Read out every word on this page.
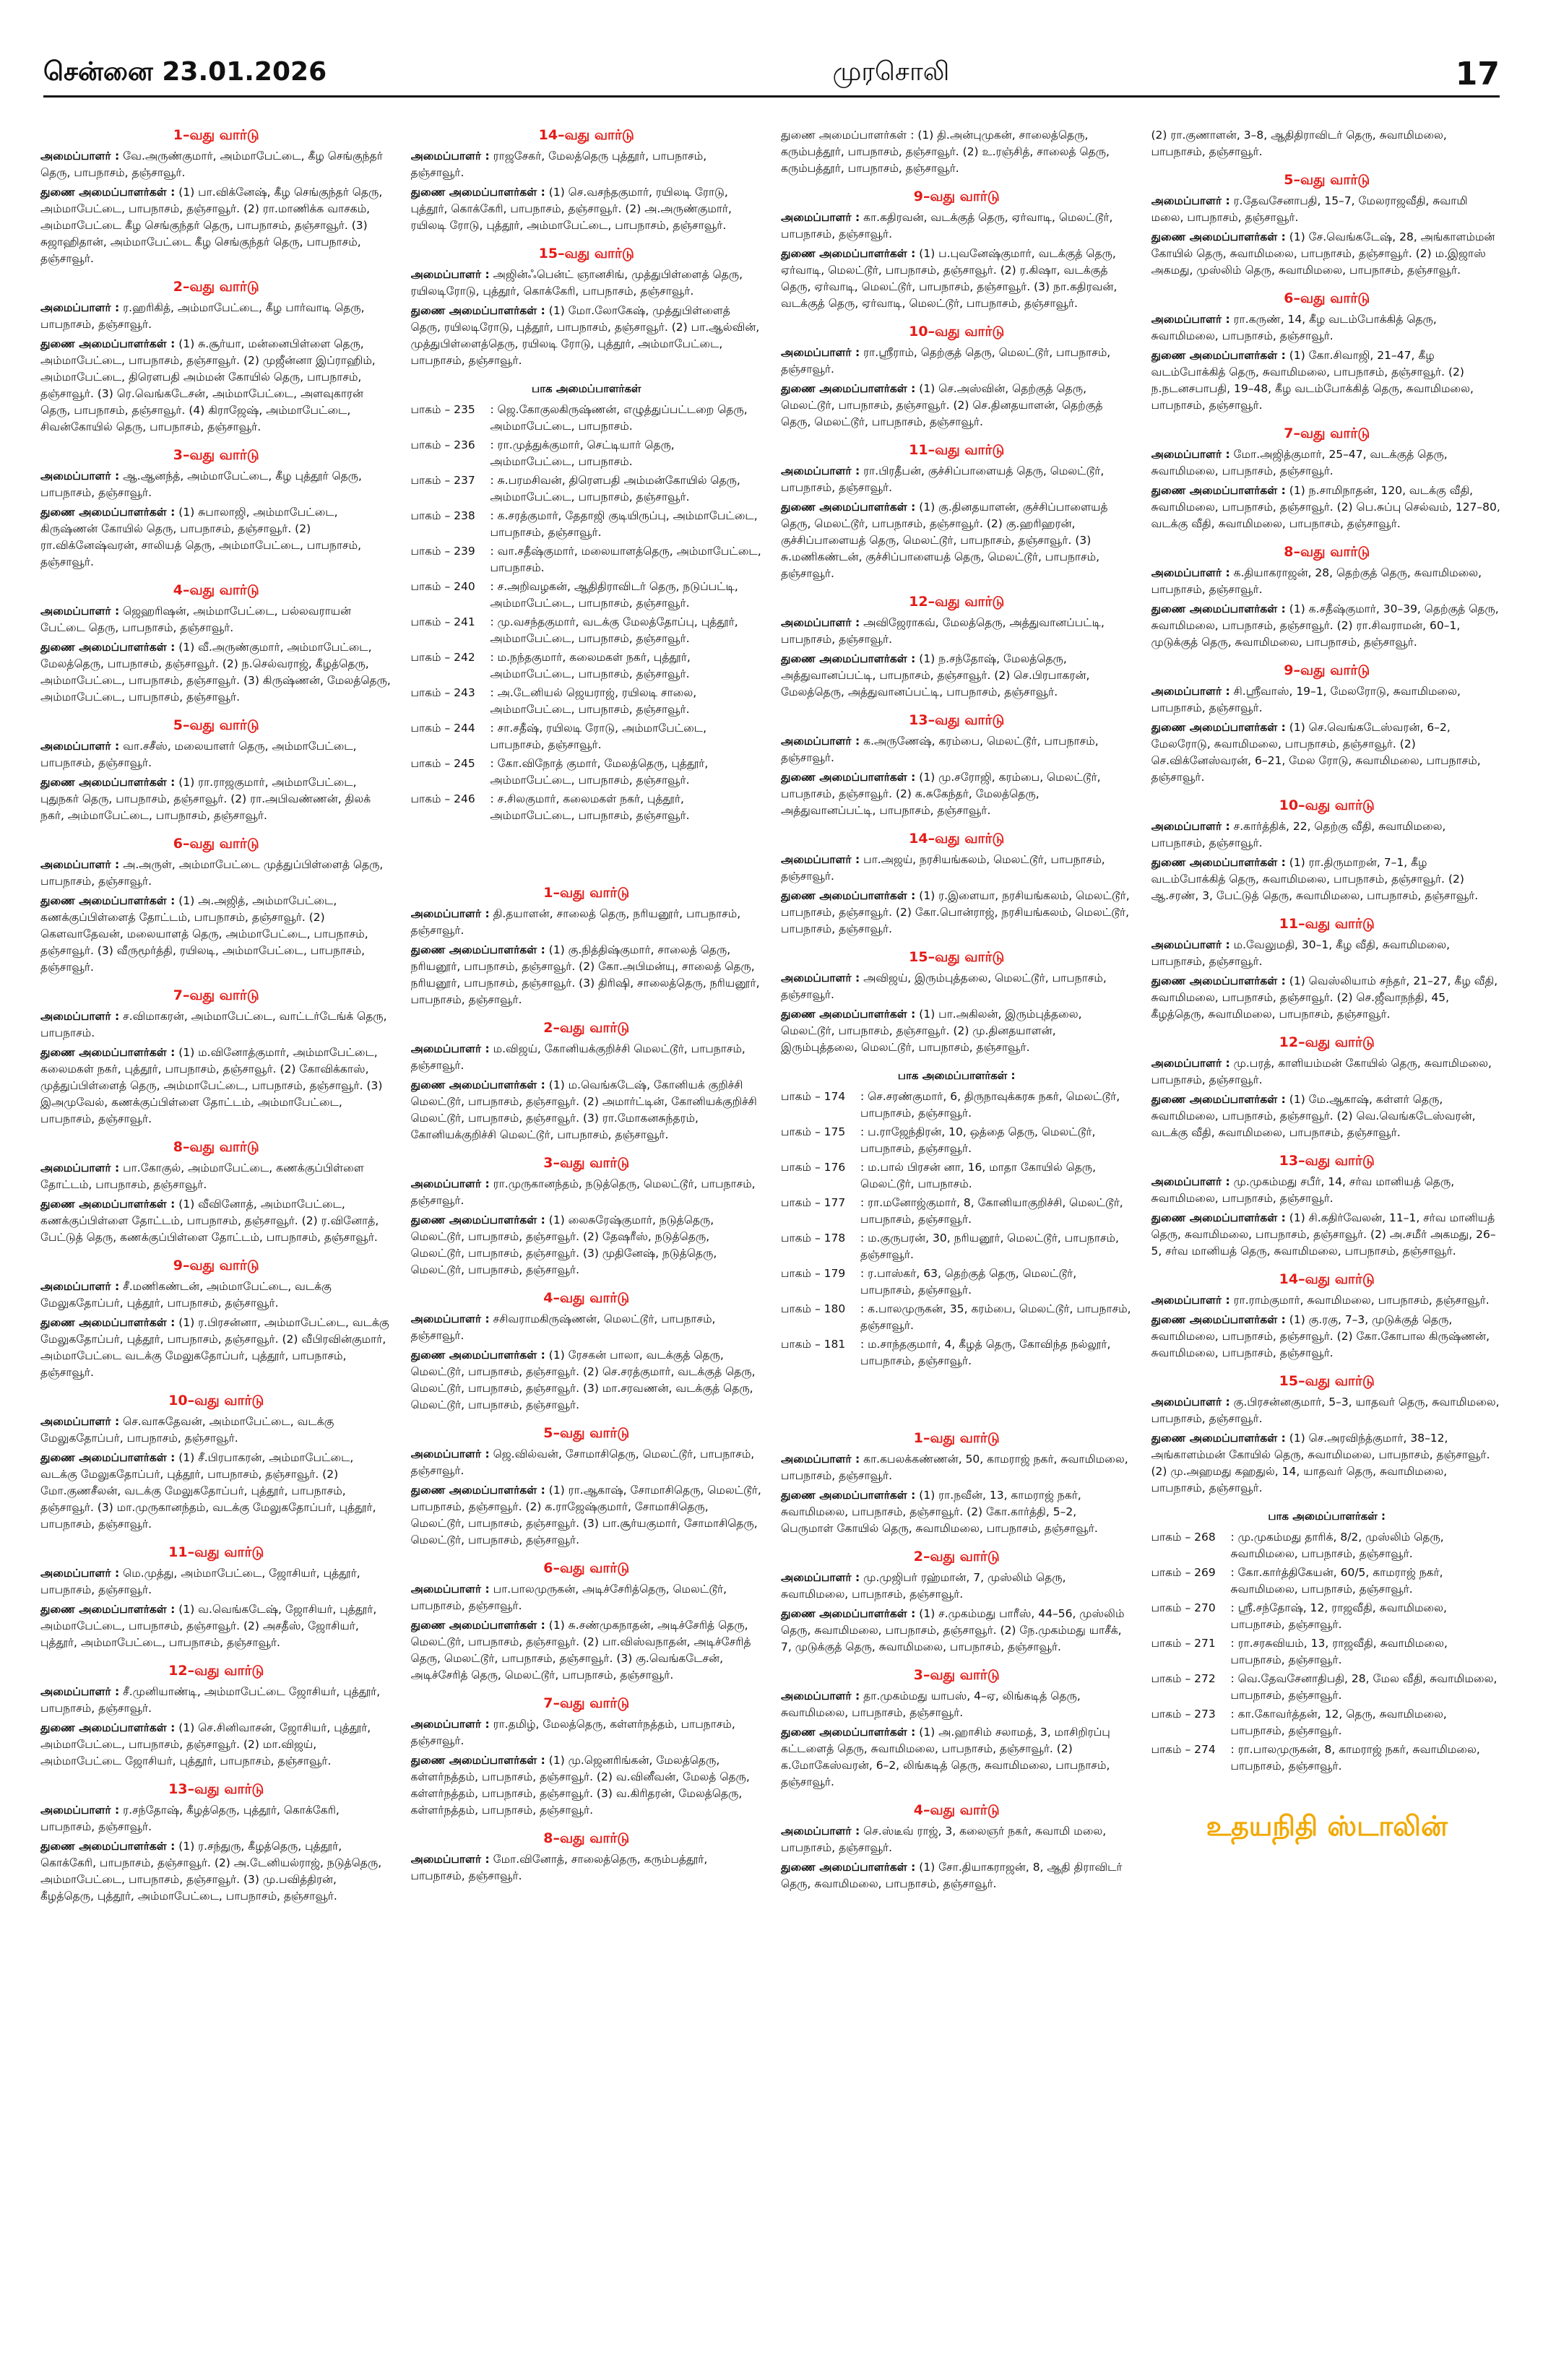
சென்னை 23.01.2026	முரசொலி	17
1–வது வார்டு

அமைப்பாளர் : வே.அருண்குமார், அம்மாபேட்டை, கீழ செங்குந்தர் தெரு, பாபநாசம், தஞ்சாவூர்.

துணை அமைப்பாளர்கள் : (1) பா.விக்னேஷ், கீழ செங்குந்தர் தெரு, அம்மாபேட்டை, பாபநாசம், தஞ்சாவூர். (2) ரா.மாணிக்க வாசகம், அம்மாபேட்டை கீழ செங்குந்தர் தெரு, பாபநாசம், தஞ்சாவூர். (3) சுஜாஹிதான், அம்மாபேட்டை கீழ செங்குந்தர் தெரு, பாபநாசம், தஞ்சாவூர்.

2–வது வார்டு

அமைப்பாளர் : ர.ஹரிகித், அம்மாபேட்டை, கீழ பார்வாடி தெரு, பாபநாசம், தஞ்சாவூர்.

துணை அமைப்பாளர்கள் : (1) சு.சூர்யா, மன்னைபிள்ளை தெரு, அம்மாபேட்டை, பாபநாசம், தஞ்சாவூர். (2) முஜீன்னா இப்ராஹிம், அம்மாபேட்டை, திரௌபதி அம்மன் கோயில் தெரு, பாபநாசம், தஞ்சாவூர். (3) ரெ.வெங்கடேசன், அம்மாபேட்டை, அளவுகாரன் தெரு, பாபநாசம், தஞ்சாவூர். (4) கிராஜேஷ், அம்மாபேட்டை, சிவன்கோயில் தெரு, பாபநாசம், தஞ்சாவூர்.

3–வது வார்டு

அமைப்பாளர் : ஆ.ஆனந்த், அம்மாபேட்டை, கீழ புத்தூர் தெரு, பாபநாசம், தஞ்சாவூர்.

துணை அமைப்பாளர்கள் : (1) சுபாலாஜி, அம்மாபேட்டை, கிருஷ்ணன் கோயில் தெரு, பாபநாசம், தஞ்சாவூர். (2) ரா.விக்னேஷ்வரன், சாலியத் தெரு, அம்மாபேட்டை, பாபநாசம், தஞ்சாவூர்.

4–வது வார்டு

அமைப்பாளர் : ஜெஹரிஷன், அம்மாபேட்டை, பல்லவராயன் பேட்டை தெரு, பாபநாசம், தஞ்சாவூர்.

துணை அமைப்பாளர்கள் : (1) வீ.அருண்குமார், அம்மாபேட்டை, மேலத்தெரு, பாபநாசம், தஞ்சாவூர். (2) ந.செல்வராஜ், கீழத்தெரு, அம்மாபேட்டை, பாபநாசம், தஞ்சாவூர். (3) கிருஷ்ணன், மேலத்தெரு, அம்மாபேட்டை, பாபநாசம், தஞ்சாவூர்.

5–வது வார்டு

அமைப்பாளர் : வா.சசீஸ், மலையாளர் தெரு, அம்மாபேட்டை, பாபநாசம், தஞ்சாவூர்.

துணை அமைப்பாளர்கள் : (1) ரா.ராஜகுமார், அம்மாபேட்டை, புதுநகர் தெரு, பாபநாசம், தஞ்சாவூர். (2) ரா.அபிவண்ணன், திலக் நகர், அம்மாபேட்டை, பாபநாசம், தஞ்சாவூர்.

6–வது வார்டு

அமைப்பாளர் : அ.அருள், அம்மாபேட்டை முத்துப்பிள்ளைத் தெரு, பாபநாசம், தஞ்சாவூர்.

துணை அமைப்பாளர்கள் : (1) அ.அஜித், அம்மாபேட்டை, கணக்குப்பிள்ளைத் தோட்டம், பாபநாசம், தஞ்சாவூர். (2) கௌவாதேவன், மலையாளத் தெரு, அம்மாபேட்டை, பாபநாசம், தஞ்சாவூர். (3) வீருமூர்த்தி, ரயிலடி, அம்மாபேட்டை, பாபநாசம், தஞ்சாவூர்.

7–வது வார்டு

அமைப்பாளர் : ச.விமாகரன், அம்மாபேட்டை, வாட்டர்டேங்க் தெரு, பாபநாசம்.

துணை அமைப்பாளர்கள் : (1) ம.வினோத்குமார், அம்மாபேட்டை, கலைமகள் நகர், புத்தூர், பாபநாசம், தஞ்சாவூர். (2) கோவிக்காஸ், முத்துப்பிள்ளைத் தெரு, அம்மாபேட்டை, பாபநாசம், தஞ்சாவூர். (3) இஅமுவேல், கணக்குப்பிள்ளை தோட்டம், அம்மாபேட்டை, பாபநாசம், தஞ்சாவூர்.

8–வது வார்டு

அமைப்பாளர் : பா.கோகுல், அம்மாபேட்டை, கணக்குப்பிள்ளை தோட்டம், பாபநாசம், தஞ்சாவூர்.

துணை அமைப்பாளர்கள் : (1) வீவினோத், அம்மாபேட்டை, கணக்குப்பிள்ளை தோட்டம், பாபநாசம், தஞ்சாவூர். (2) ர.வினோத், பேட்டுத் தெரு, கணக்குப்பிள்ளை தோட்டம், பாபநாசம், தஞ்சாவூர்.

9–வது வார்டு

அமைப்பாளர் : சீ.மணிகண்டன், அம்மாபேட்டை, வடக்கு மேலுகதோப்பர், புத்தூர், பாபநாசம், தஞ்சாவூர்.

துணை அமைப்பாளர்கள் : (1) ர.பிரசன்னா, அம்மாபேட்டை, வடக்கு மேலுகதோப்பர், புத்தூர், பாபநாசம், தஞ்சாவூர். (2) வீபிரவின்குமார், அம்மாபேட்டை வடக்கு மேலுகதோப்பர், புத்தூர், பாபநாசம், தஞ்சாவூர்.

10–வது வார்டு

அமைப்பாளர் : செ.வாசுதேவன், அம்மாபேட்டை, வடக்கு மேலுகதோப்பர், பாபநாசம், தஞ்சாவூர்.

துணை அமைப்பாளர்கள் : (1) சீ.பிரபாகரன், அம்மாபேட்டை, வடக்கு மேலுகதோப்பர், புத்தூர், பாபநாசம், தஞ்சாவூர். (2) மோ.குணசீலன், வடக்கு மேலுகதோப்பர், புத்தூர், பாபநாசம், தஞ்சாவூர். (3) மா.முருகானந்தம், வடக்கு மேலுகதோப்பர், புத்தூர், பாபநாசம், தஞ்சாவூர்.

11–வது வார்டு

அமைப்பாளர் : மெ.முத்து, அம்மாபேட்டை, ஜோசியர், புத்தூர், பாபநாசம், தஞ்சாவூர்.

துணை அமைப்பாளர்கள் : (1) வ.வெங்கடேஷ், ஜோசியர், புத்தூர், அம்மாபேட்டை, பாபநாசம், தஞ்சாவூர். (2) அசதீஸ், ஜோசியர், புத்தூர், அம்மாபேட்டை, பாபநாசம், தஞ்சாவூர்.

12–வது வார்டு

அமைப்பாளர் : சீ.முனியாண்டி, அம்மாபேட்டை ஜோசியர், புத்தூர், பாபநாசம், தஞ்சாவூர்.

துணை அமைப்பாளர்கள் : (1) செ.சினிவாசன், ஜோசியர், புத்தூர், அம்மாபேட்டை, பாபநாசம், தஞ்சாவூர். (2) மா.விஜய், அம்மாபேட்டை ஜோசியர், புத்தூர், பாபநாசம், தஞ்சாவூர்.

13–வது வார்டு

அமைப்பாளர் : ர.சந்தோஷ், கீழத்தெரு, புத்தூர், கொக்கேரி, பாபநாசம், தஞ்சாவூர்.

துணை அமைப்பாளர்கள் : (1) ர.சந்துரு, கீழத்தெரு, புத்தூர், கொக்கேரி, பாபநாசம், தஞ்சாவூர். (2) அ.டேனியல்ராஜ், நடுத்தெரு, அம்மாபேட்டை, பாபநாசம், தஞ்சாவூர். (3) மு.பவித்திரன், கீழத்தெரு, புத்தூர், அம்மாபேட்டை, பாபநாசம், தஞ்சாவூர்.

14–வது வார்டு

அமைப்பாளர் : ராஜசேகர், மேலத்தெரு புத்தூர், பாபநாசம், தஞ்சாவூர்.

துணை அமைப்பாளர்கள் : (1) செ.வசந்தகுமார், ரயிலடி ரோடு, புத்தூர், கொக்கேரி, பாபநாசம், தஞ்சாவூர். (2) அ.அருண்குமார், ரயிலடி ரோடு, புத்தூர், அம்மாபேட்டை, பாபநாசம், தஞ்சாவூர்.

15–வது வார்டு

அமைப்பாளர் : அஜின்ஃபென்ட் ஞானசிங், முத்துபிள்ளைத் தெரு, ரயிலடிரோடு, புத்தூர், கொக்கேரி, பாபநாசம், தஞ்சாவூர்.

துணை அமைப்பாளர்கள் : (1) மோ.லோகேஷ், முத்துபிள்ளைத் தெரு, ரயிலடிரோடு, புத்தூர், பாபநாசம், தஞ்சாவூர். (2) பா.ஆல்வின், முத்துபிள்ளைத்தெரு, ரயிலடி ரோடு, புத்தூர், அம்மாபேட்டை, பாபநாசம், தஞ்சாவூர்.

பாக அமைப்பாளர்கள்
பாகம் – 235	: ஜெ.கோகுலகிருஷ்ணன், எழுத்துப்பட்டறை தெரு, அம்மாபேட்டை, பாபநாசம்.
பாகம் – 236	: ரா.முத்துக்குமார், செட்டியார் தெரு, அம்மாபேட்டை, பாபநாசம்.
பாகம் – 237	: சு.பரமசிவன், திரௌபதி அம்மன்கோயில் தெரு, அம்மாபேட்டை, பாபநாசம், தஞ்சாவூர்.
பாகம் – 238	: க.சரத்குமார், தேதாஜி குடியிருப்பு, அம்மாபேட்டை, பாபநாசம், தஞ்சாவூர்.
பாகம் – 239	: வா.சதீஷ்குமார், மலையாளத்தெரு, அம்மாபேட்டை, பாபநாசம்.
பாகம் – 240	: ச.அறிவழகன், ஆதிதிராவிடர் தெரு, நடுப்பட்டி, அம்மாபேட்டை, பாபநாசம், தஞ்சாவூர்.
பாகம் – 241	: மு.வசந்தகுமார், வடக்கு மேலத்தோப்பு, புத்தூர், அம்மாபேட்டை, பாபநாசம், தஞ்சாவூர்.
பாகம் – 242	: ம.நந்தகுமார், கலைமகள் நகர், புத்தூர், அம்மாபேட்டை, பாபநாசம், தஞ்சாவூர்.
பாகம் – 243	: அ.டேனியல் ஜெயராஜ், ரயிலடி சாலை, அம்மாபேட்டை, பாபநாசம், தஞ்சாவூர்.
பாகம் – 244	: சா.சதீஷ், ரயிலடி ரோடு, அம்மாபேட்டை, பாபநாசம், தஞ்சாவூர்.
பாகம் – 245	: கோ.விநோத் குமார், மேலத்தெரு, புத்தூர், அம்மாபேட்டை, பாபநாசம், தஞ்சாவூர்.
பாகம் – 246	: ச.சிலகுமார், கலைமகள் நகர், புத்தூர், அம்மாபேட்டை, பாபநாசம், தஞ்சாவூர்.
1–வது வார்டு

அமைப்பாளர் : தி.தயாளன், சாலைத் தெரு, நரியனூர், பாபநாசம், தஞ்சாவூர்.

துணை அமைப்பாளர்கள் : (1) கு.நித்திஷ்குமார், சாலைத் தெரு, நரியனூர், பாபநாசம், தஞ்சாவூர். (2) கோ.அபிமன்யு, சாலைத் தெரு, நரியனூர், பாபநாசம், தஞ்சாவூர். (3) திரிஷி, சாலைத்தெரு, நரியனூர், பாபநாசம், தஞ்சாவூர்.

2–வது வார்டு

அமைப்பாளர் : ம.விஜய், கோனியக்குறிச்சி மெலட்டூர், பாபநாசம், தஞ்சாவூர்.

துணை அமைப்பாளர்கள் : (1) ம.வெங்கடேஷ், கோனியக் குறிச்சி மெலட்டூர், பாபநாசம், தஞ்சாவூர். (2) அமார்ட்டின், கோனியக்குறிச்சி மெலட்டூர், பாபநாசம், தஞ்சாவூர். (3) ரா.மோகனசுந்தரம், கோனியக்குறிச்சி மெலட்டூர், பாபநாசம், தஞ்சாவூர்.

3–வது வார்டு

அமைப்பாளர் : ரா.முருகானந்தம், நடுத்தெரு, மெலட்டூர், பாபநாசம், தஞ்சாவூர்.

துணை அமைப்பாளர்கள் : (1) லைசுரேஷ்குமார், நடுத்தெரு, மெலட்டூர், பாபநாசம், தஞ்சாவூர். (2) தேஷரீஸ், நடுத்தெரு, மெலட்டூர், பாபநாசம், தஞ்சாவூர். (3) முதினேஷ், நடுத்தெரு, மெலட்டூர், பாபநாசம், தஞ்சாவூர்.

4–வது வார்டு

அமைப்பாளர் : சசிவராமகிருஷ்ணன், மெலட்டூர், பாபநாசம், தஞ்சாவூர்.

துணை அமைப்பாளர்கள் : (1) ரேசகன் பாலா, வடக்குத் தெரு, மெலட்டூர், பாபநாசம், தஞ்சாவூர். (2) செ.சரத்குமார், வடக்குத் தெரு, மெலட்டூர், பாபநாசம், தஞ்சாவூர். (3) மா.சரவணன், வடக்குத் தெரு, மெலட்டூர், பாபநாசம், தஞ்சாவூர்.

5–வது வார்டு

அமைப்பாளர் : ஜெ.வில்வன், சோமாசிதெரு, மெலட்டூர், பாபநாசம், தஞ்சாவூர்.

துணை அமைப்பாளர்கள் : (1) ரா.ஆகாஷ், சோமாசிதெரு, மெலட்டூர், பாபநாசம், தஞ்சாவூர். (2) க.ராஜேஷ்குமார், சோமாசிதெரு, மெலட்டூர், பாபநாசம், தஞ்சாவூர். (3) பா.சூர்யகுமார், சோமாசிதெரு, மெலட்டூர், பாபநாசம், தஞ்சாவூர்.

6–வது வார்டு

அமைப்பாளர் : பா.பாலமுருகன், அடிச்சேரித்தெரு, மெலட்டூர், பாபநாசம், தஞ்சாவூர்.

துணை அமைப்பாளர்கள் : (1) சு.சண்முகநாதன், அடிச்சேரித் தெரு, மெலட்டூர், பாபநாசம், தஞ்சாவூர். (2) பா.விஸ்வநாதன், அடிச்சேரித் தெரு, மெலட்டூர், பாபநாசம், தஞ்சாவூர். (3) கு.வெங்கடேசன், அடிச்சேரித் தெரு, மெலட்டூர், பாபநாசம், தஞ்சாவூர்.

7–வது வார்டு

அமைப்பாளர் : ரா.தமிழ், மேலத்தெரு, கள்ளர்நத்தம், பாபநாசம், தஞ்சாவூர்.

துணை அமைப்பாளர்கள் : (1) மு.ஜெனரிங்கன், மேலத்தெரு, கள்ளர்நத்தம், பாபநாசம், தஞ்சாவூர். (2) வ.வினீவன், மேலத் தெரு, கள்ளர்நத்தம், பாபநாசம், தஞ்சாவூர். (3) வ.கிரிதரன், மேலத்தெரு, கள்ளர்நத்தம், பாபநாசம், தஞ்சாவூர்.

8–வது வார்டு

அமைப்பாளர் : மோ.வினோத், சாலைத்தெரு, கரும்பத்தூர், பாபநாசம், தஞ்சாவூர்.

துணை அமைப்பாளர்கள் : (1) தி.அன்புமுகன், சாலைத்தெரு, கரும்பத்தூர், பாபநாசம், தஞ்சாவூர். (2) உ.ரஞ்சித், சாலைத் தெரு, கரும்பத்தூர், பாபநாசம், தஞ்சாவூர்.

9–வது வார்டு

அமைப்பாளர் : கா.கதிரவன், வடக்குத் தெரு, ஏர்வாடி, மெலட்டூர், பாபநாசம், தஞ்சாவூர்.

துணை அமைப்பாளர்கள் : (1) ப.புவனேஷ்குமார், வடக்குத் தெரு, ஏர்வாடி, மெலட்டூர், பாபநாசம், தஞ்சாவூர். (2) ர.கிஷா, வடக்குத் தெரு, ஏர்வாடி, மெலட்டூர், பாபநாசம், தஞ்சாவூர். (3) நா.கதிரவன், வடக்குத் தெரு, ஏர்வாடி, மெலட்டூர், பாபநாசம், தஞ்சாவூர்.

10–வது வார்டு

அமைப்பாளர் : ரா.ஸ்ரீராம், தெற்குத் தெரு, மெலட்டூர், பாபநாசம், தஞ்சாவூர்.

துணை அமைப்பாளர்கள் : (1) செ.அஸ்வின், தெற்குத் தெரு, மெலட்டூர், பாபநாசம், தஞ்சாவூர். (2) செ.தினதயாளன், தெற்குத் தெரு, மெலட்டூர், பாபநாசம், தஞ்சாவூர்.

11–வது வார்டு

அமைப்பாளர் : ரா.பிரதீபன், குச்சிப்பாளையத் தெரு, மெலட்டூர், பாபநாசம், தஞ்சாவூர்.

துணை அமைப்பாளர்கள் : (1) கு.தினதயாளன், குச்சிப்பாளையத் தெரு, மெலட்டூர், பாபநாசம், தஞ்சாவூர். (2) கு.ஹரிஹரன், குச்சிப்பாளையத் தெரு, மெலட்டூர், பாபநாசம், தஞ்சாவூர். (3) சு.மணிகண்டன், குச்சிப்பாளையத் தெரு, மெலட்டூர், பாபநாசம், தஞ்சாவூர்.

12–வது வார்டு

அமைப்பாளர் : அவிஜேராகவ், மேலத்தெரு, அத்துவானப்பட்டி, பாபநாசம், தஞ்சாவூர்.

துணை அமைப்பாளர்கள் : (1) ந.சந்தோஷ், மேலத்தெரு, அத்துவானப்பட்டி, பாபநாசம், தஞ்சாவூர். (2) செ.பிரபாகரன், மேலத்தெரு, அத்துவானப்பட்டி, பாபநாசம், தஞ்சாவூர்.

13–வது வார்டு

அமைப்பாளர் : க.அருணேஷ், கரம்பை, மெலட்டூர், பாபநாசம், தஞ்சாவூர்.

துணை அமைப்பாளர்கள் : (1) மு.சரோஜி, கரம்பை, மெலட்டூர், பாபநாசம், தஞ்சாவூர். (2) க.சுகேந்தர், மேலத்தெரு, அத்துவானப்பட்டி, பாபநாசம், தஞ்சாவூர்.

14–வது வார்டு

அமைப்பாளர் : பா.அஜய், நரசியங்கலம், மெலட்டூர், பாபநாசம், தஞ்சாவூர்.

துணை அமைப்பாளர்கள் : (1) ர.இளையா, நரசியங்கலம், மெலட்டூர், பாபநாசம், தஞ்சாவூர். (2) கோ.பொன்ராஜ், நரசியங்கலம், மெலட்டூர், பாபநாசம், தஞ்சாவூர்.

15–வது வார்டு

அமைப்பாளர் : அவிஜய், இரும்புத்தலை, மெலட்டூர், பாபநாசம், தஞ்சாவூர்.

துணை அமைப்பாளர்கள் : (1) பா.அகிலன், இரும்புத்தலை, மெலட்டூர், பாபநாசம், தஞ்சாவூர். (2) மு.தினதயாளன், இரும்புத்தலை, மெலட்டூர், பாபநாசம், தஞ்சாவூர்.

பாக அமைப்பாளர்கள் :
பாகம் – 174	: செ.சரண்குமார், 6, திருநாவுக்கரசு நகர், மெலட்டூர், பாபநாசம், தஞ்சாவூர்.
பாகம் – 175	: ப.ராஜேந்திரன், 10, ஒத்தை தெரு, மெலட்டூர், பாபநாசம், தஞ்சாவூர்.
பாகம் – 176	: ம.பால் பிரசன் னா, 16, மாதா கோயில் தெரு, மெலட்டூர், பாபநாசம்.
பாகம் – 177	: ரா.மனோஜ்குமார், 8, கோனியாகுறிச்சி, மெலட்டூர், பாபநாசம், தஞ்சாவூர்.
பாகம் – 178	: ம.குருபரன், 30, நரியனூர், மெலட்டூர், பாபநாசம், தஞ்சாவூர்.
பாகம் – 179	: ர.பாஸ்கர், 63, தெற்குத் தெரு, மெலட்டூர், பாபநாசம், தஞ்சாவூர்.
பாகம் – 180	: க.பாலமுருகன், 35, கரம்பை, மெலட்டூர், பாபநாசம், தஞ்சாவூர்.
பாகம் – 181	: ம.சாந்தகுமார், 4, கீழத் தெரு, கோவிந்த நல்லூர், பாபநாசம், தஞ்சாவூர்.
1–வது வார்டு

அமைப்பாளர் : கா.கபலக்கண்ணன், 50, காமராஜ் நகர், சுவாமிமலை, பாபநாசம், தஞ்சாவூர்.

துணை அமைப்பாளர்கள் : (1) ரா.நவீன், 13, காமராஜ் நகர், சுவாமிமலை, பாபநாசம், தஞ்சாவூர். (2) கோ.கார்த்தி, 5–2, பெருமாள் கோயில் தெரு, சுவாமிமலை, பாபநாசம், தஞ்சாவூர்.

2–வது வார்டு

அமைப்பாளர் : மு.முஜிபர் ரஹ்மான், 7, முஸ்லிம் தெரு, சுவாமிமலை, பாபநாசம், தஞ்சாவூர்.

துணை அமைப்பாளர்கள் : (1) ச.முகம்மது பாரீஸ், 44–56, முஸ்லிம் தெரு, சுவாமிமலை, பாபநாசம், தஞ்சாவூர். (2) நே.முகம்மது யாசீக், 7, முடுக்குத் தெரு, சுவாமிமலை, பாபநாசம், தஞ்சாவூர்.

3–வது வார்டு

அமைப்பாளர் : தா.முகம்மது யாபஸ், 4–ஏ, லிங்கடித் தெரு, சுவாமிமலை, பாபநாசம், தஞ்சாவூர்.

துணை அமைப்பாளர்கள் : (1) அ.ஹாசிம் சலாமத், 3, மாசிறிரப்பு கட்டளைத் தெரு, சுவாமிமலை, பாபநாசம், தஞ்சாவூர். (2) க.மோகேஸ்வரன், 6–2, லிங்கடித் தெரு, சுவாமிமலை, பாபநாசம், தஞ்சாவூர்.

4–வது வார்டு

அமைப்பாளர் : செ.ஸ்டீவ் ராஜ், 3, கலைஞர் நகர், சுவாமி மலை, பாபநாசம், தஞ்சாவூர்.

துணை அமைப்பாளர்கள் : (1) சோ.தியாகராஜன், 8, ஆதி திராவிடர் தெரு, சுவாமிமலை, பாபநாசம், தஞ்சாவூர்.

(2) ரா.குணாளன், 3–8, ஆதிதிராவிடர் தெரு, சுவாமிமலை, பாபநாசம், தஞ்சாவூர்.

5–வது வார்டு

அமைப்பாளர் : ர.தேவசேனாபதி, 15–7, மேலராஜவீதி, சுவாமி மலை, பாபநாசம், தஞ்சாவூர்.

துணை அமைப்பாளர்கள் : (1) சே.வெங்கடேஷ், 28, அங்காளம்மன் கோயில் தெரு, சுவாமிமலை, பாபநாசம், தஞ்சாவூர். (2) ம.இஜாஸ் அகமது, முஸ்லிம் தெரு, சுவாமிமலை, பாபநாசம், தஞ்சாவூர்.

6–வது வார்டு

அமைப்பாளர் : ரா.கருண், 14, கீழ வடம்போக்கித் தெரு, சுவாமிமலை, பாபநாசம், தஞ்சாவூர்.

துணை அமைப்பாளர்கள் : (1) கோ.சிவாஜி, 21–47, கீழ வடம்போக்கித் தெரு, சுவாமிமலை, பாபநாசம், தஞ்சாவூர். (2) ந.நடனசபாபதி, 19–48, கீழ வடம்போக்கித் தெரு, சுவாமிமலை, பாபநாசம், தஞ்சாவூர்.

7–வது வார்டு

அமைப்பாளர் : மோ.அஜித்குமார், 25–47, வடக்குத் தெரு, சுவாமிமலை, பாபநாசம், தஞ்சாவூர்.

துணை அமைப்பாளர்கள் : (1) ந.சாமிநாதன், 120, வடக்கு வீதி, சுவாமிமலை, பாபநாசம், தஞ்சாவூர். (2) பெ.சுப்பு செல்வம், 127–80, வடக்கு வீதி, சுவாமிமலை, பாபநாசம், தஞ்சாவூர்.

8–வது வார்டு

அமைப்பாளர் : க.தியாகராஜன், 28, தெற்குத் தெரு, சுவாமிமலை, பாபநாசம், தஞ்சாவூர்.

துணை அமைப்பாளர்கள் : (1) க.சதீஷ்குமார், 30–39, தெற்குத் தெரு, சுவாமிமலை, பாபநாசம், தஞ்சாவூர். (2) ரா.சிவராமன், 60–1, முடுக்குத் தெரு, சுவாமிமலை, பாபநாசம், தஞ்சாவூர்.

9–வது வார்டு

அமைப்பாளர் : சி.ஸ்ரீவாஸ், 19–1, மேலரோடு, சுவாமிமலை, பாபநாசம், தஞ்சாவூர்.

துணை அமைப்பாளர்கள் : (1) செ.வெங்கடேஸ்வரன், 6–2, மேலரோடு, சுவாமிமலை, பாபநாசம், தஞ்சாவூர். (2) செ.விக்னேஸ்வரன், 6–21, மேல ரோடு, சுவாமிமலை, பாபநாசம், தஞ்சாவூர்.

10–வது வார்டு

அமைப்பாளர் : ச.கார்த்திக், 22, தெற்கு வீதி, சுவாமிமலை, பாபநாசம், தஞ்சாவூர்.

துணை அமைப்பாளர்கள் : (1) ரா.திருமாறன், 7–1, கீழ வடம்போக்கித் தெரு, சுவாமிமலை, பாபநாசம், தஞ்சாவூர். (2) ஆ.சரண், 3, பேட்டுத் தெரு, சுவாமிமலை, பாபநாசம், தஞ்சாவூர்.

11–வது வார்டு

அமைப்பாளர் : ம.வேலுமதி, 30–1, கீழ வீதி, சுவாமிமலை, பாபநாசம், தஞ்சாவூர்.

துணை அமைப்பாளர்கள் : (1) வெஸ்லியாம் சந்தர், 21–27, கீழ வீதி, சுவாமிமலை, பாபநாசம், தஞ்சாவூர். (2) செ.ஜீவாநந்தி, 45, கீழத்தெரு, சுவாமிமலை, பாபநாசம், தஞ்சாவூர்.

12–வது வார்டு

அமைப்பாளர் : மு.பரத், காளியம்மன் கோயில் தெரு, சுவாமிமலை, பாபநாசம், தஞ்சாவூர்.

துணை அமைப்பாளர்கள் : (1) மே.ஆகாஷ், கள்ளர் தெரு, சுவாமிமலை, பாபநாசம், தஞ்சாவூர். (2) வெ.வெங்கடேஸ்வரன், வடக்கு வீதி, சுவாமிமலை, பாபநாசம், தஞ்சாவூர்.

13–வது வார்டு

அமைப்பாளர் : மு.முகம்மது சபீர், 14, சர்வ மானியத் தெரு, சுவாமிமலை, பாபநாசம், தஞ்சாவூர்.

துணை அமைப்பாளர்கள் : (1) சி.கதிர்வேலன், 11–1, சர்வ மானியத் தெரு, சுவாமிமலை, பாபநாசம், தஞ்சாவூர். (2) அ.சமீர் அகமது, 26–5, சர்வ மானியத் தெரு, சுவாமிமலை, பாபநாசம், தஞ்சாவூர்.

14–வது வார்டு

அமைப்பாளர் : ரா.ராம்குமார், சுவாமிமலை, பாபநாசம், தஞ்சாவூர்.

துணை அமைப்பாளர்கள் : (1) கு.ரகு, 7–3, முடுக்குத் தெரு, சுவாமிமலை, பாபநாசம், தஞ்சாவூர். (2) கோ.கோபால கிருஷ்ணன், சுவாமிமலை, பாபநாசம், தஞ்சாவூர்.

15–வது வார்டு

அமைப்பாளர் : கு.பிரசன்னகுமார், 5–3, யாதவர் தெரு, சுவாமிமலை, பாபநாசம், தஞ்சாவூர்.

துணை அமைப்பாளர்கள் : (1) செ.அரவிந்த்குமார், 38–12, அங்காளம்மன் கோயில் தெரு, சுவாமிமலை, பாபநாசம், தஞ்சாவூர். (2) மு.அஹமது கஹதுல், 14, யாதவர் தெரு, சுவாமிமலை, பாபநாசம், தஞ்சாவூர்.

பாக அமைப்பாளர்கள் :
பாகம் – 268	: மு.முகம்மது தாரிக், 8/2, முஸ்லிம் தெரு, சுவாமிமலை, பாபநாசம், தஞ்சாவூர்.
பாகம் – 269	: கோ.கார்த்திகேயன், 60/5, காமராஜ் நகர், சுவாமிமலை, பாபநாசம், தஞ்சாவூர்.
பாகம் – 270	: ஸ்ரீ.சந்தோஷ், 12, ராஜவீதி, சுவாமிமலை, பாபநாசம், தஞ்சாவூர்.
பாகம் – 271	: ரா.சரசுவியம், 13, ராஜவீதி, சுவாமிமலை, பாபநாசம், தஞ்சாவூர்.
பாகம் – 272	: வெ.தேவசேனாதிபதி, 28, மேல வீதி, சுவாமிமலை, பாபநாசம், தஞ்சாவூர்.
பாகம் – 273	: கா.கோவர்த்தன், 12, தெரு, சுவாமிமலை, பாபநாசம், தஞ்சாவூர்.
பாகம் – 274	: ரா.பாலமுருகன், 8, காமராஜ் நகர், சுவாமிமலை, பாபநாசம், தஞ்சாவூர்.
உதயநிதி ஸ்டாலின்
